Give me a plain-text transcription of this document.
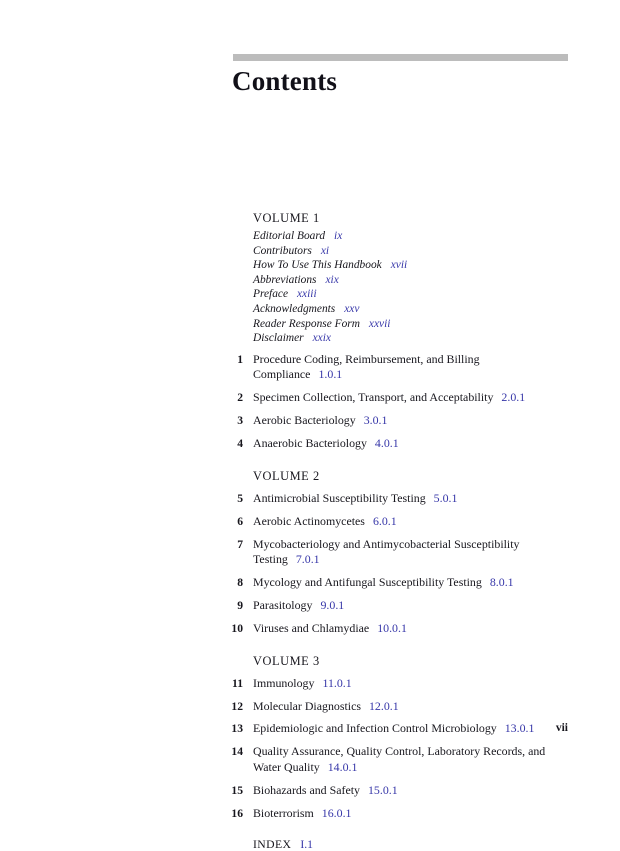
Contents
VOLUME 1
Editorial Board ix
Contributors xi
How To Use This Handbook xvii
Abbreviations xix
Preface xxiii
Acknowledgments xxv
Reader Response Form xxvii
Disclaimer xxix
1 Procedure Coding, Reimbursement, and Billing Compliance 1.0.1
2 Specimen Collection, Transport, and Acceptability 2.0.1
3 Aerobic Bacteriology 3.0.1
4 Anaerobic Bacteriology 4.0.1
VOLUME 2
5 Antimicrobial Susceptibility Testing 5.0.1
6 Aerobic Actinomycetes 6.0.1
7 Mycobacteriology and Antimycobacterial Susceptibility Testing 7.0.1
8 Mycology and Antifungal Susceptibility Testing 8.0.1
9 Parasitology 9.0.1
10 Viruses and Chlamydiae 10.0.1
VOLUME 3
11 Immunology 11.0.1
12 Molecular Diagnostics 12.0.1
13 Epidemiologic and Infection Control Microbiology 13.0.1
14 Quality Assurance, Quality Control, Laboratory Records, and Water Quality 14.0.1
15 Biohazards and Safety 15.0.1
16 Bioterrorism 16.0.1
INDEX I.1
vii
